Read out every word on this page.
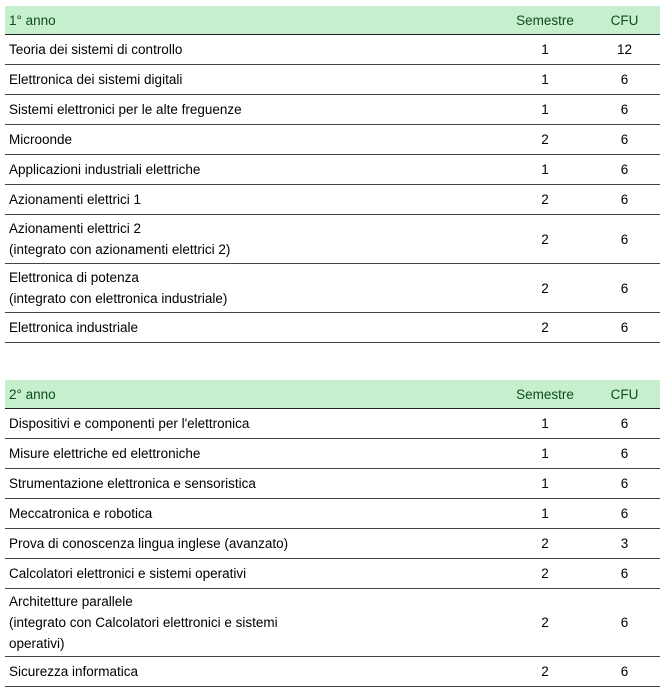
1° anno	Semestre	CFU
Teoria dei sistemi di controllo	1	12
Elettronica dei sistemi digitali	1	6
Sistemi elettronici per le alte freguenze	1	6
Microonde	2	6
Applicazioni industriali elettriche	1	6
Azionamenti elettrici 1	2	6

Azionamenti elettrici 2
(integrato con azionamenti elettrici 2)	2	6

Elettronica di potenza
(integrato con elettronica industriale)	2	6
Elettronica industriale	2	6
2° anno	Semestre	CFU
Dispositivi e componenti per l'elettronica	1	6
Misure elettriche ed elettroniche	1	6
Strumentazione elettronica e sensoristica	1	6
Meccatronica e robotica	1	6
Prova di conoscenza lingua inglese (avanzato)	2	3
Calcolatori elettronici e sistemi operativi	2	6

Architetture parallele
(integrato con Calcolatori elettronici e sistemi
operativi)	2	6
Sicurezza informatica	2	6
